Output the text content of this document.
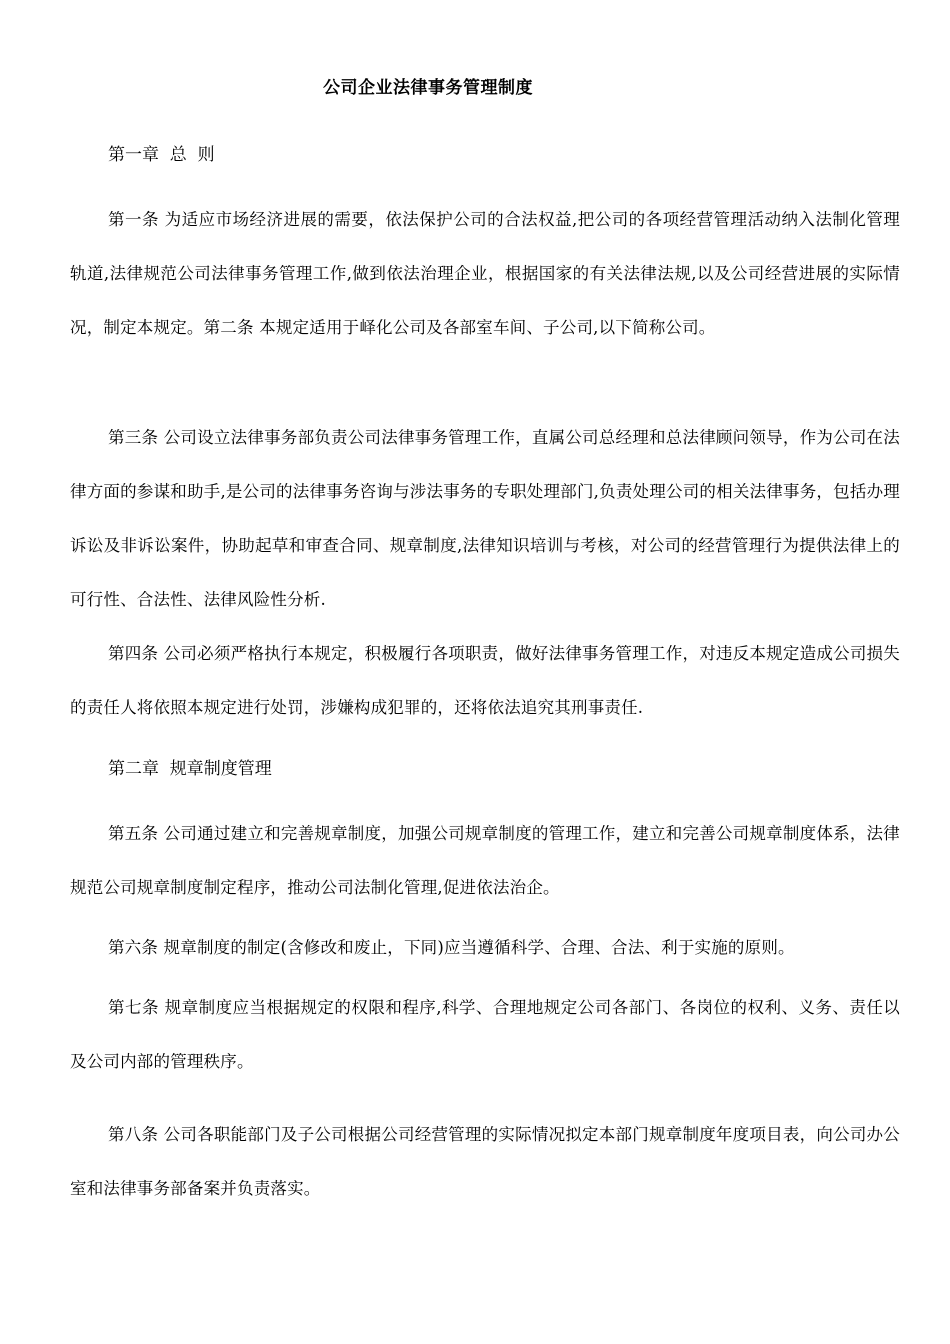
公司企业法律事务管理制度
第一章  总  则
第一条 为适应市场经济进展的需要，依法保护公司的合法权益,把公司的各项经营管理活动纳入法制化管理轨道,法律规范公司法律事务管理工作,做到依法治理企业，根据国家的有关法律法规,以及公司经营进展的实际情况，制定本规定。第二条 本规定适用于峄化公司及各部室车间、子公司,以下简称公司。
第三条 公司设立法律事务部负责公司法律事务管理工作，直属公司总经理和总法律顾问领导，作为公司在法律方面的参谋和助手,是公司的法律事务咨询与涉法事务的专职处理部门,负责处理公司的相关法律事务，包括办理诉讼及非诉讼案件，协助起草和审查合同、规章制度,法律知识培训与考核，对公司的经营管理行为提供法律上的可行性、合法性、法律风险性分析.
第四条 公司必须严格执行本规定，积极履行各项职责，做好法律事务管理工作，对违反本规定造成公司损失的责任人将依照本规定进行处罚，涉嫌构成犯罪的，还将依法追究其刑事责任.
第二章  规章制度管理
第五条 公司通过建立和完善规章制度，加强公司规章制度的管理工作，建立和完善公司规章制度体系，法律规范公司规章制度制定程序，推动公司法制化管理,促进依法治企。
第六条 规章制度的制定(含修改和废止，下同)应当遵循科学、合理、合法、利于实施的原则。
第七条 规章制度应当根据规定的权限和程序,科学、合理地规定公司各部门、各岗位的权利、义务、责任以及公司内部的管理秩序。
第八条 公司各职能部门及子公司根据公司经营管理的实际情况拟定本部门规章制度年度项目表，向公司办公室和法律事务部备案并负责落实。
